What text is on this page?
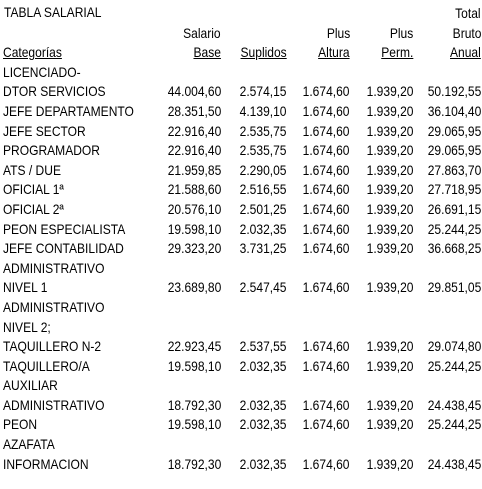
TABLA SALARIAL
						Total
	Salario		Plus	Plus	Bruto
Categorías	Base	Suplidos	Altura	Perm.	Anual
LICENCIADO-					
DTOR SERVICIOS	44.004,60	2.574,15	1.674,60	1.939,20	50.192,55
JEFE DEPARTAMENTO	28.351,50	4.139,10	1.674,60	1.939,20	36.104,40
JEFE SECTOR	22.916,40	2.535,75	1.674,60	1.939,20	29.065,95
PROGRAMADOR	22.916,40	2.535,75	1.674,60	1.939,20	29.065,95
ATS / DUE	21.959,85	2.290,05	1.674,60	1.939,20	27.863,70
OFICIAL 1ª	21.588,60	2.516,55	1.674,60	1.939,20	27.718,95
OFICIAL 2ª	20.576,10	2.501,25	1.674,60	1.939,20	26.691,15
PEON ESPECIALISTA	19.598,10	2.032,35	1.674,60	1.939,20	25.244,25
JEFE CONTABILIDAD	29.323,20	3.731,25	1.674,60	1.939,20	36.668,25
ADMINISTRATIVO					
NIVEL 1	23.689,80	2.547,45	1.674,60	1.939,20	29.851,05
ADMINISTRATIVO					
NIVEL 2;					
TAQUILLERO N-2	22.923,45	2.537,55	1.674,60	1.939,20	29.074,80
TAQUILLERO/A	19.598,10	2.032,35	1.674,60	1.939,20	25.244,25
AUXILIAR					
ADMINISTRATIVO	18.792,30	2.032,35	1.674,60	1.939,20	24.438,45
PEON	19.598,10	2.032,35	1.674,60	1.939,20	25.244,25
AZAFATA					
INFORMACION	18.792,30	2.032,35	1.674,60	1.939,20	24.438,45
